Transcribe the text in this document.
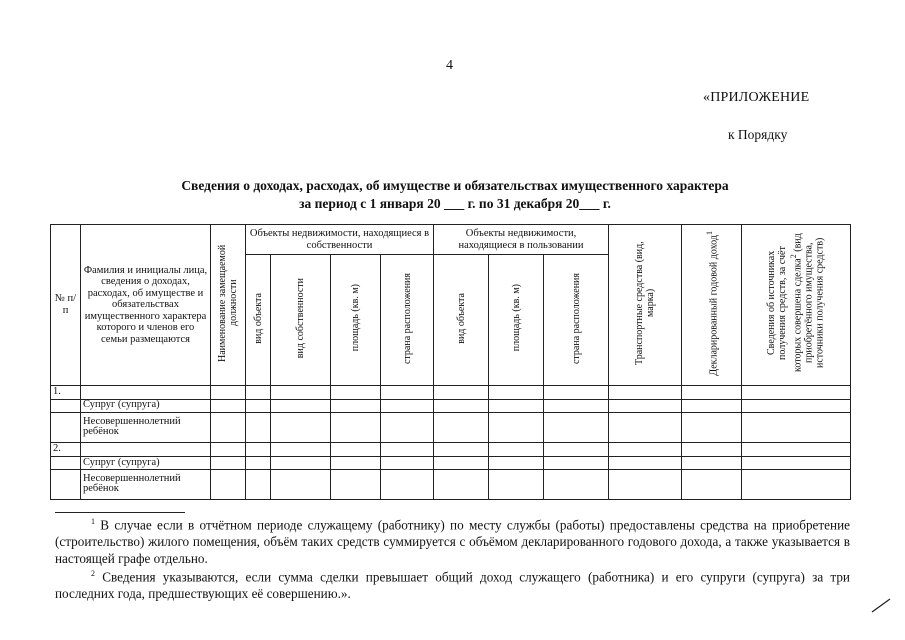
4
«ПРИЛОЖЕНИЕ
к Порядку
Сведения о доходах, расходах, об имуществе и обязательствах имущественного характера
за период с 1 января 20 ___ г. по 31 декабря 20___ г.
№ п/п	Фамилия и инициалы лица, сведения о доходах, расходах, об имуществе и обязательствах имущественного характера которого и членов его семьи размещаются	Наименование замещаемой должности	Объекты недвижимости, находящиеся в собственности				Объекты недвижимости, находящиеся в пользовании			Транспортные средства (вид, марка)	Декларированный годовой доход$^1$	Сведения об источниках получения средств, за счёт которых совершена сделка$^2$ (вид приобретённого имущества, источники получения средств)
			вид объекта	вид собственности	площадь (кв. м)	страна расположения	вид объекта	площадь (кв. м)	страна расположения			
1.												
	Супруг (супруга)											
	Несовершеннолетний ребёнок											
2.												
	Супруг (супруга)											
	Несовершеннолетний ребёнок											
$^1$ В случае если в отчётном периоде служащему (работнику) по месту службы (работы) предоставлены средства на приобретение (строительство) жилого помещения, объём таких средств суммируется с объёмом декларированного годового дохода, а также указывается в настоящей графе отдельно.
$^2$ Сведения указываются, если сумма сделки превышает общий доход служащего (работника) и его супруги (супруга) за три последних года, предшествующих её совершению.».
